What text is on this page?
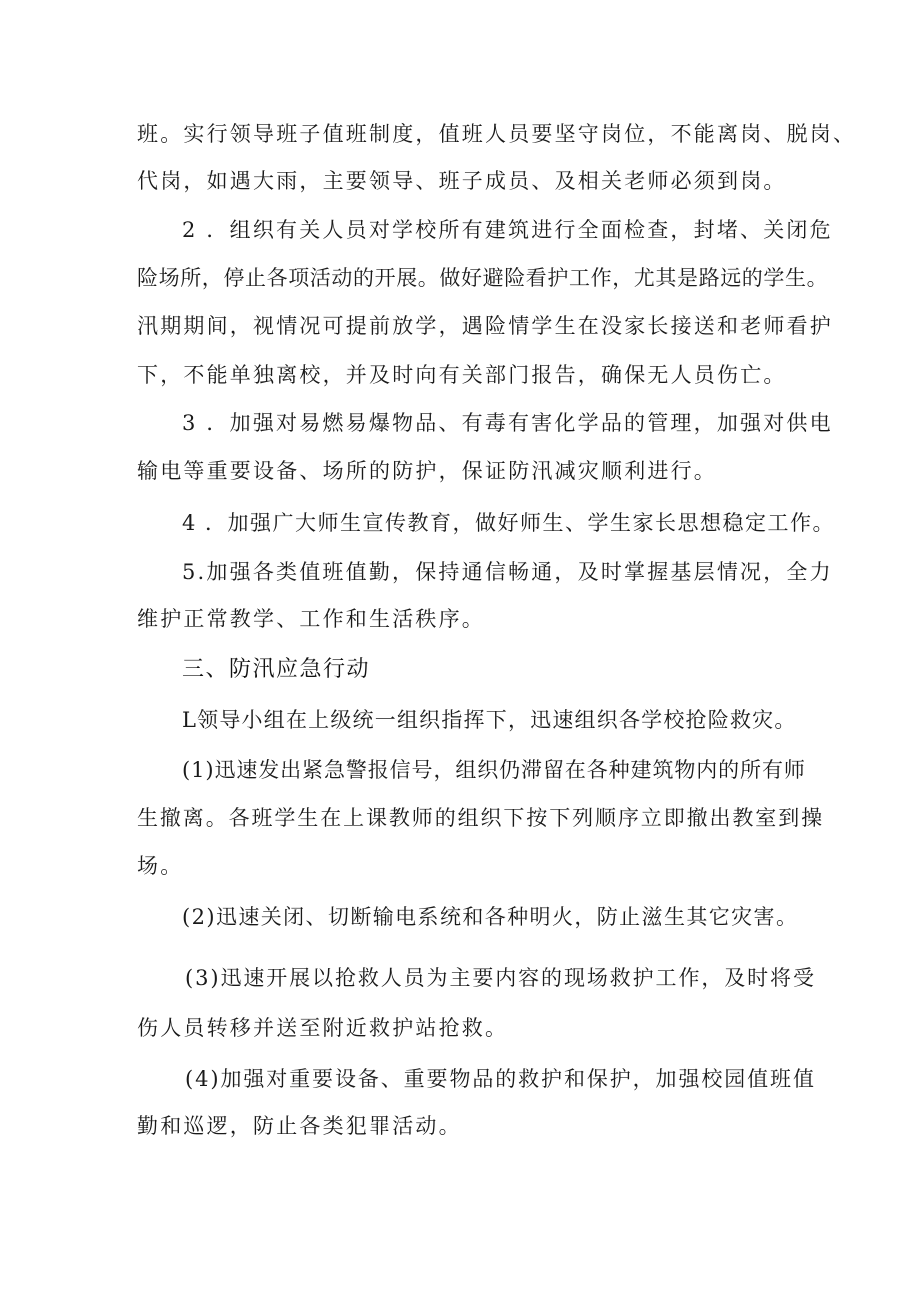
班。实行领导班子值班制度，值班人员要坚守岗位，不能离岗、脱岗、
代岗，如遇大雨，主要领导、班子成员、及相关老师必须到岗。
2 ．组织有关人员对学校所有建筑进行全面检查，封堵、关闭危
险场所，停止各项活动的开展。做好避险看护工作，尤其是路远的学生。
汛期期间，视情况可提前放学，遇险情学生在没家长接送和老师看护
下，不能单独离校，并及时向有关部门报告，确保无人员伤亡。
3 ．加强对易燃易爆物品、有毒有害化学品的管理，加强对供电
输电等重要设备、场所的防护，保证防汛减灾顺利进行。
4 ．加强广大师生宣传教育，做好师生、学生家长思想稳定工作。
5.加强各类值班值勤，保持通信畅通，及时掌握基层情况，全力
维护正常教学、工作和生活秩序。
三、防汛应急行动
L领导小组在上级统一组织指挥下，迅速组织各学校抢险救灾。
(1)迅速发出紧急警报信号，组织仍滞留在各种建筑物内的所有师
生撤离。各班学生在上课教师的组织下按下列顺序立即撤出教室到操
场。
(2)迅速关闭、切断输电系统和各种明火，防止滋生其它灾害。
(3)迅速开展以抢救人员为主要内容的现场救护工作，及时将受
伤人员转移并送至附近救护站抢救。
(4)加强对重要设备、重要物品的救护和保护，加强校园值班值
勤和巡逻，防止各类犯罪活动。
